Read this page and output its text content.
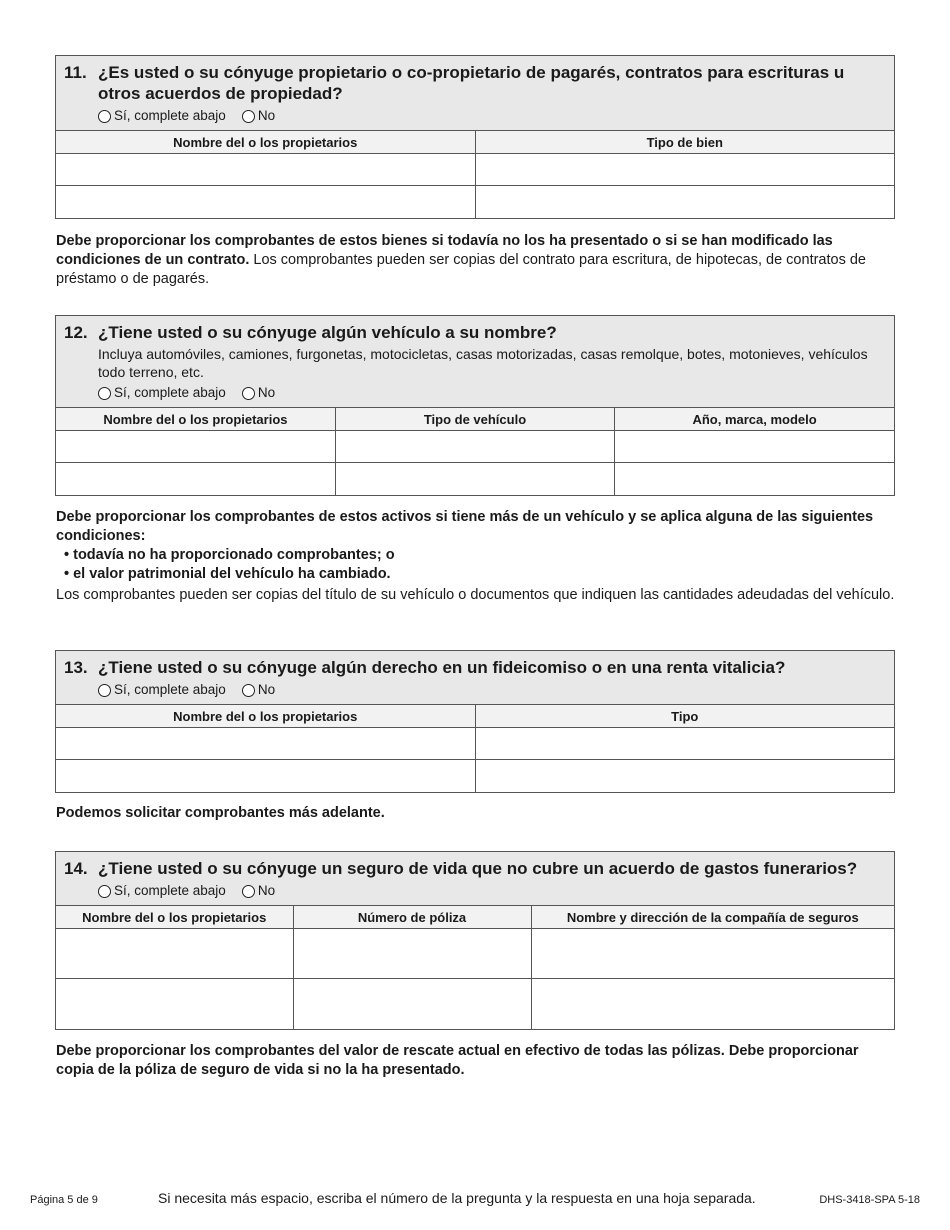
11. ¿Es usted o su cónyuge propietario o co-propietario de pagarés, contratos para escrituras u otros acuerdos de propiedad?
Sí, complete abajo No
Nombre del o los propietarios	Tipo de bien

Debe proporcionar los comprobantes de estos bienes si todavía no los ha presentado o si se han modificado las condiciones de un contrato. Los comprobantes pueden ser copias del contrato para escritura, de hipotecas, de contratos de préstamo o de pagarés.
12. ¿Tiene usted o su cónyuge algún vehículo a su nombre?
Incluya automóviles, camiones, furgonetas, motocicletas, casas motorizadas, casas remolque, botes, motonieves, vehículos todo terreno, etc.
Sí, complete abajo No
Nombre del o los propietarios	Tipo de vehículo	Año, marca, modelo

Debe proporcionar los comprobantes de estos activos si tiene más de un vehículo y se aplica alguna de las siguientes condiciones:
• todavía no ha proporcionado comprobantes; o
• el valor patrimonial del vehículo ha cambiado.
Los comprobantes pueden ser copias del título de su vehículo o documentos que indiquen las cantidades adeudadas del vehículo.
13. ¿Tiene usted o su cónyuge algún derecho en un fideicomiso o en una renta vitalicia?
Sí, complete abajo No
Nombre del o los propietarios	Tipo

Podemos solicitar comprobantes más adelante.
14. ¿Tiene usted o su cónyuge un seguro de vida que no cubre un acuerdo de gastos funerarios?
Sí, complete abajo No
Nombre del o los propietarios	Número de póliza	Nombre y dirección de la compañía de seguros

Debe proporcionar los comprobantes del valor de rescate actual en efectivo de todas las pólizas. Debe proporcionar copia de la póliza de seguro de vida si no la ha presentado.
Página 5 de 9	Si necesita más espacio, escriba el número de la pregunta y la respuesta en una hoja separada.	DHS-3418-SPA 5-18
